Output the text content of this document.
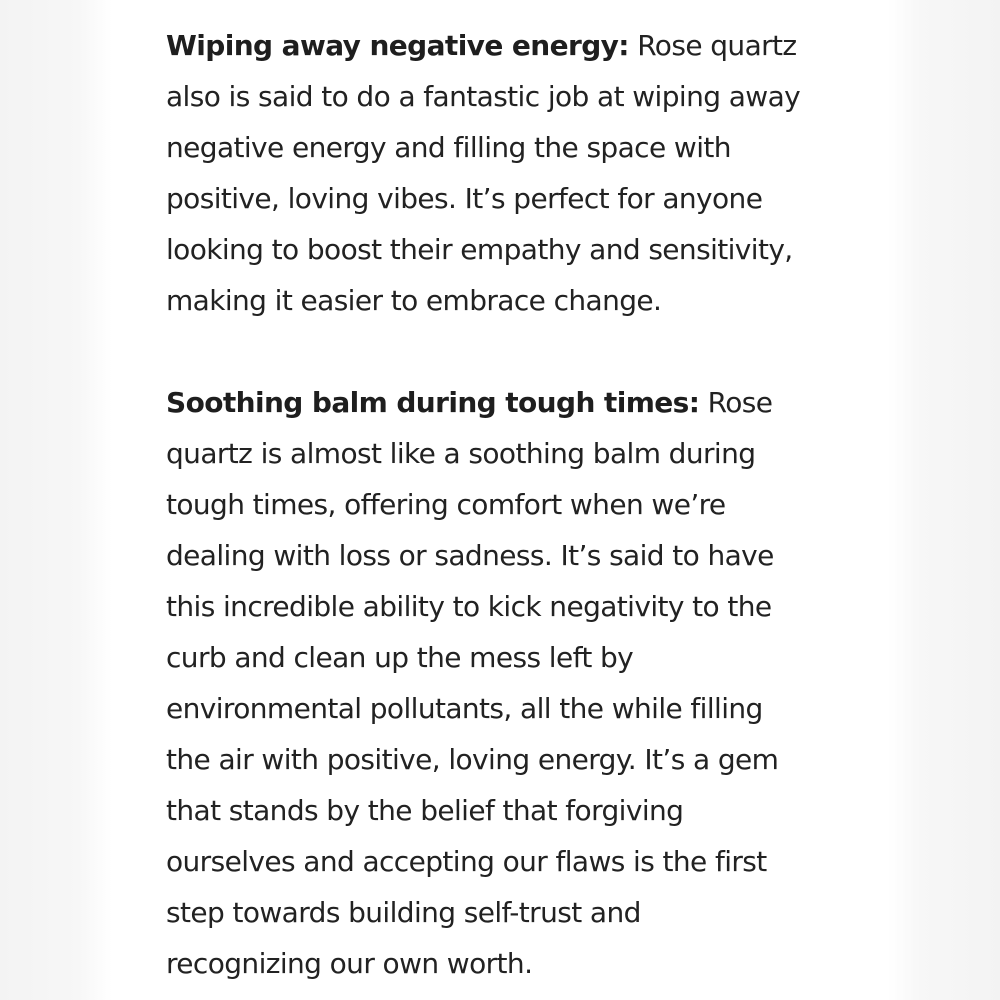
Wiping away negative energy: Rose quartz
also is said to do a fantastic job at wiping away
negative energy and filling the space with
positive, loving vibes. It’s perfect for anyone
looking to boost their empathy and sensitivity,
making it easier to embrace change.

Soothing balm during tough times: Rose
quartz is almost like a soothing balm during
tough times, offering comfort when we’re
dealing with loss or sadness. It’s said to have
this incredible ability to kick negativity to the
curb and clean up the mess left by
environmental pollutants, all the while filling
the air with positive, loving energy. It’s a gem
that stands by the belief that forgiving
ourselves and accepting our flaws is the first
step towards building self-trust and
recognizing our own worth.
